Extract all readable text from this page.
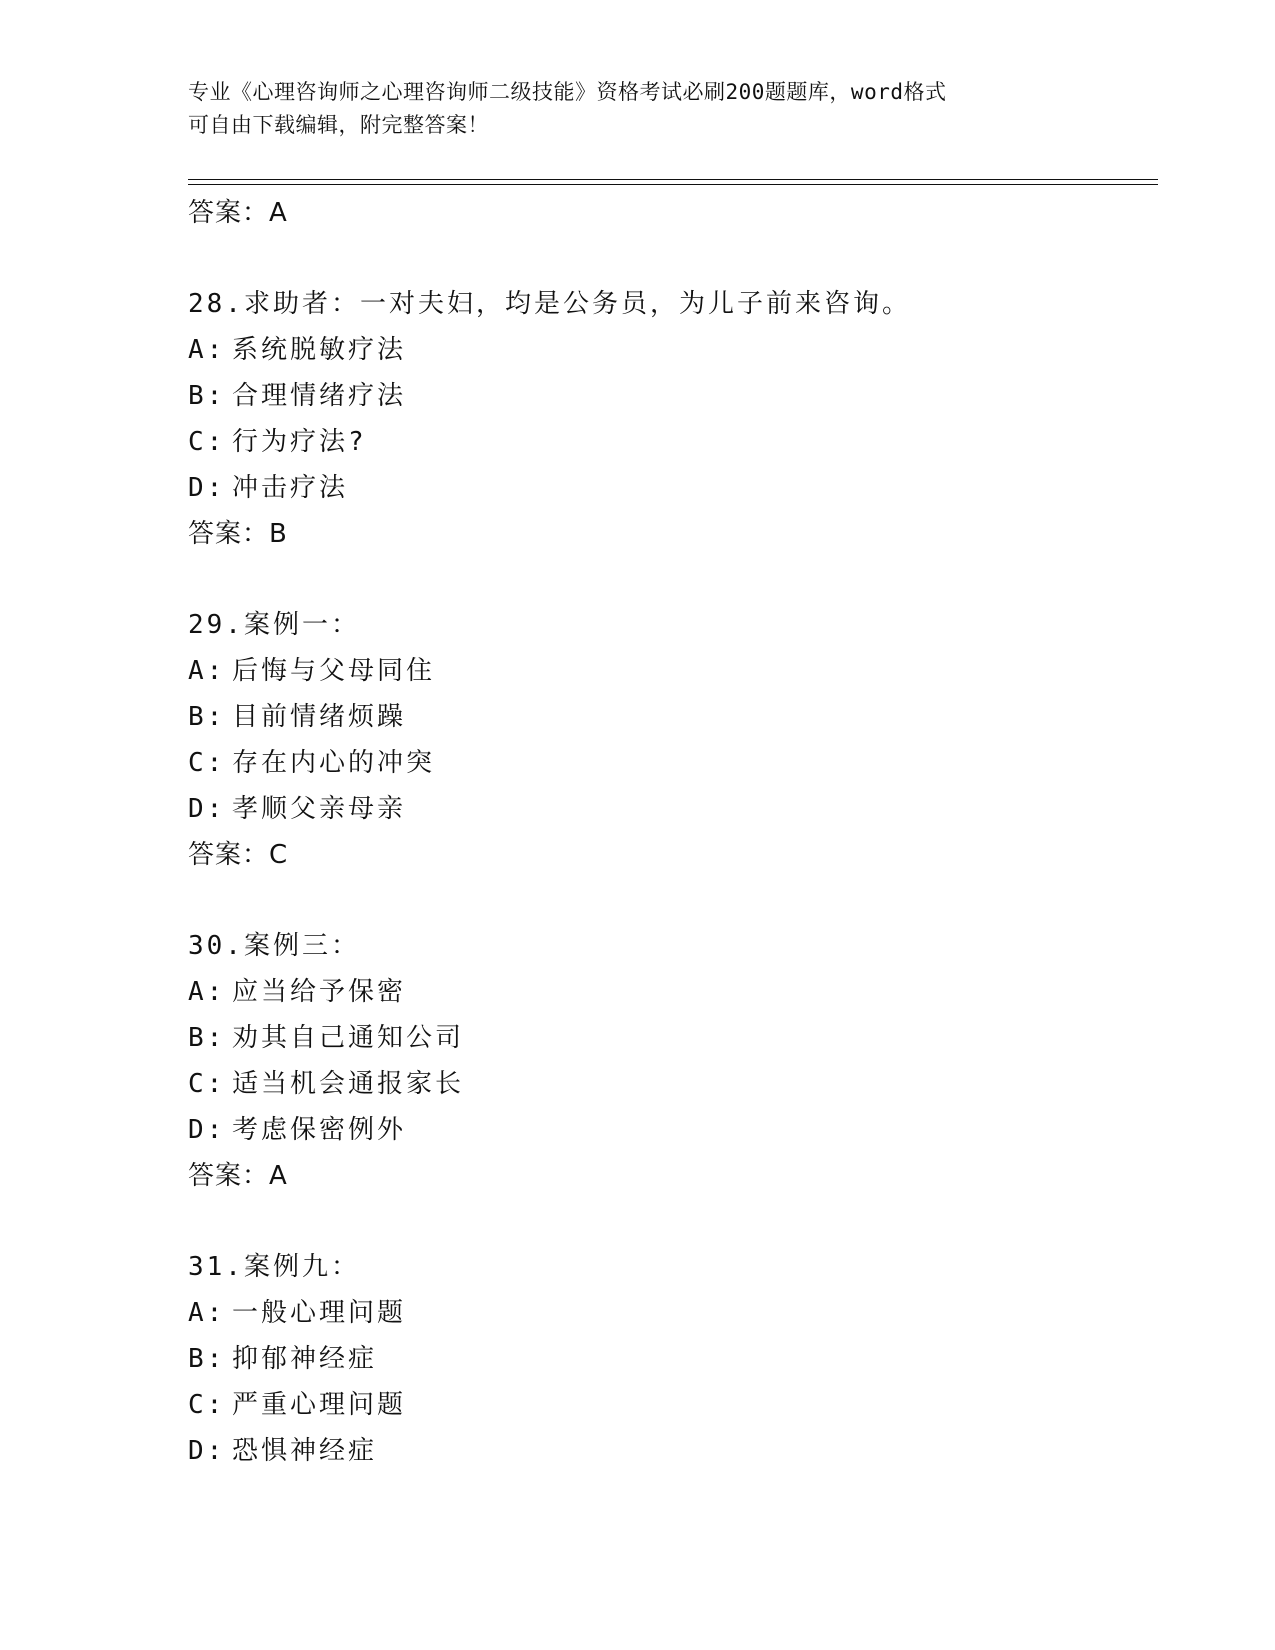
专业《心理咨询师之心理咨询师二级技能》资格考试必刷200题题库，word格式
可自由下载编辑，附完整答案！
答案：A
28.求助者：一对夫妇，均是公务员，为儿子前来咨询。
A: 系统脱敏疗法
B: 合理情绪疗法
C: 行为疗法?
D: 冲击疗法
答案：B
29.案例一：
A: 后悔与父母同住
B: 目前情绪烦躁
C: 存在内心的冲突
D: 孝顺父亲母亲
答案：C
30.案例三：
A: 应当给予保密
B: 劝其自己通知公司
C: 适当机会通报家长
D: 考虑保密例外
答案：A
31.案例九：
A: 一般心理问题
B: 抑郁神经症
C: 严重心理问题
D: 恐惧神经症
